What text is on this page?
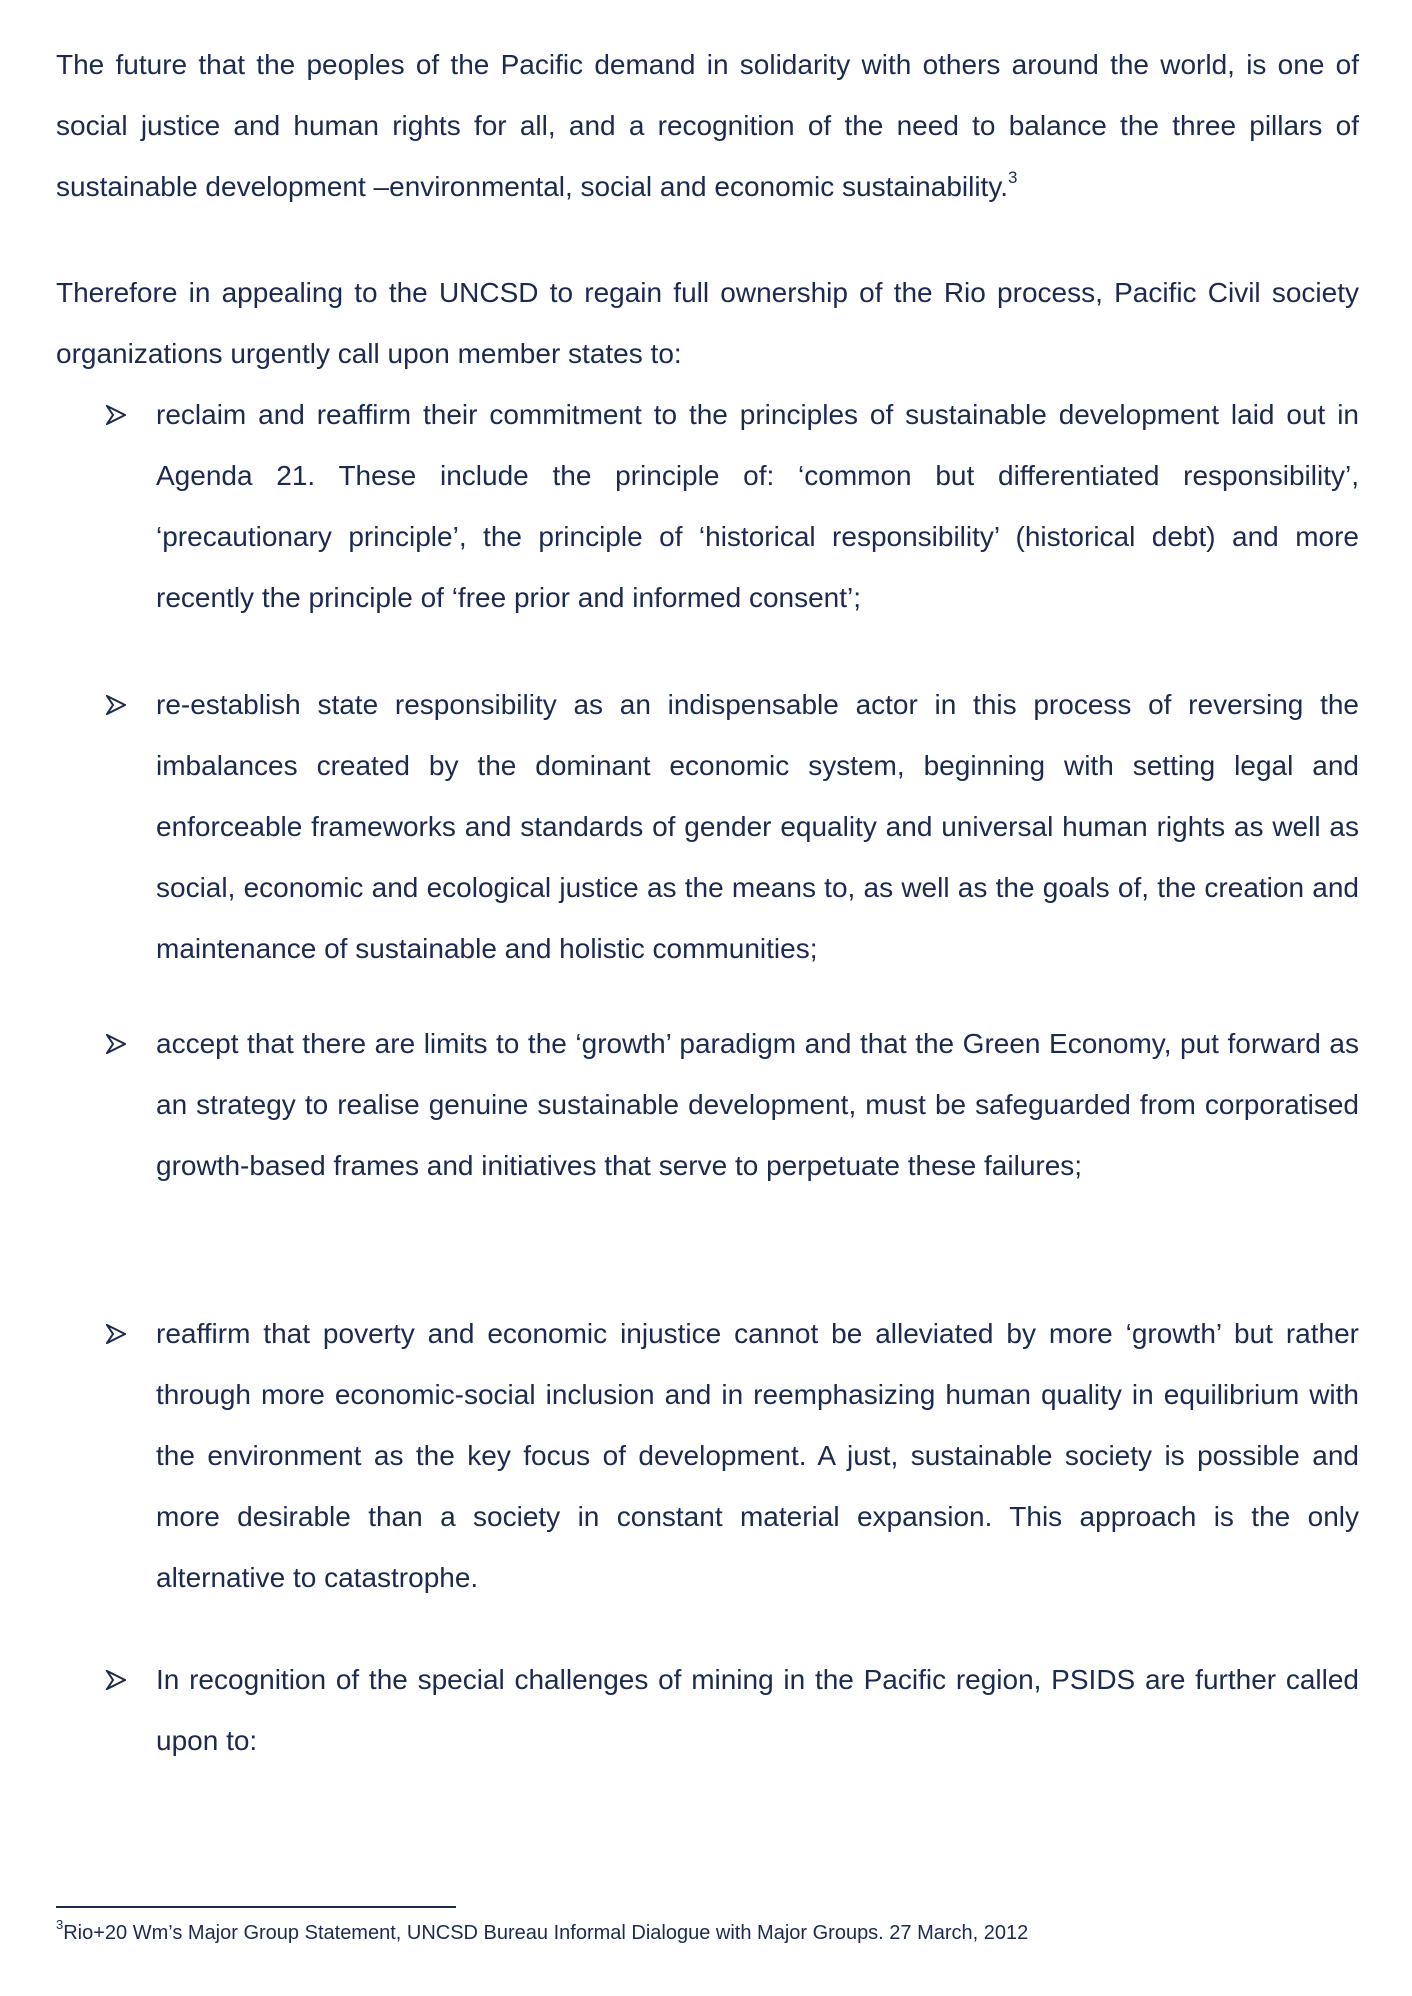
The future that the peoples of the Pacific demand in solidarity with others around the world, is one of social justice and human rights for all, and a recognition of the need to balance the three pillars of sustainable development –environmental, social and economic sustainability.$^3$

Therefore in appealing to the UNCSD to regain full ownership of the Rio process, Pacific Civil society organizations urgently call upon member states to:

reclaim and reaffirm their commitment to the principles of sustainable development laid out in Agenda 21. These include the principle of: ‘common but differentiated responsibility’, ‘precautionary principle’, the principle of ‘historical responsibility’ (historical debt) and more recently the principle of ‘free prior and informed consent’;

re-establish state responsibility as an indispensable actor in this process of reversing the imbalances created by the dominant economic system, beginning with setting legal and enforceable frameworks and standards of gender equality and universal human rights as well as social, economic and ecological justice as the means to, as well as the goals of, the creation and maintenance of sustainable and holistic communities;

accept that there are limits to the ‘growth’ paradigm and that the Green Economy, put forward as an strategy to realise genuine sustainable development, must be safeguarded from corporatised growth-based frames and initiatives that serve to perpetuate these failures;

reaffirm that poverty and economic injustice cannot be alleviated by more ‘growth’ but rather through more economic-social inclusion and in reemphasizing human quality in equilibrium with the environment as the key focus of development. A just, sustainable society is possible and more desirable than a society in constant material expansion. This approach is the only alternative to catastrophe.

In recognition of the special challenges of mining in the Pacific region, PSIDS are further called upon to:

$^3$Rio+20 Wm’s Major Group Statement, UNCSD Bureau Informal Dialogue with Major Groups. 27 March, 2012
